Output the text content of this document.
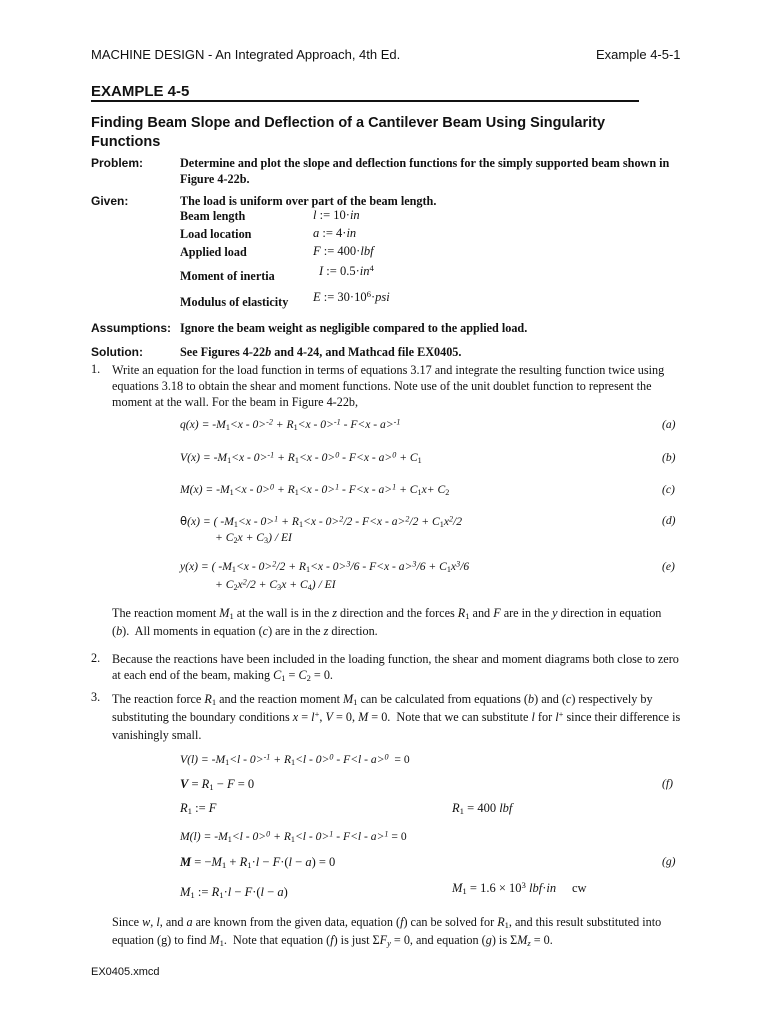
MACHINE DESIGN - An Integrated Approach, 4th Ed.	Example 4-5-1
EXAMPLE 4-5
Finding Beam Slope and Deflection of a Cantilever Beam Using Singularity Functions
Problem:	Determine and plot the slope and deflection functions for the simply supported beam shown in Figure 4-22b.
Given:	The load is uniform over part of the beam length.
Beam length	l := 10·in
Load location	a := 4·in
Applied load	F := 400·lbf
Moment of inertia	I := $0.5\cdot in^4$
Modulus of elasticity E := $30\cdot 10^6\cdot psi$
Assumptions: Ignore the beam weight as negligible compared to the applied load.
Solution:	See Figures 4-22b and 4-24, and Mathcad file EX0405.
1. Write an equation for the load function in terms of equations 3.17 and integrate the resulting function twice using equations 3.18 to obtain the shear and moment functions. Note use of the unit doublet function to represent the moment at the wall. For the beam in Figure 4-22b,
$q(x) = -M_1<x - 0>^{-2} + R_1<x - 0>^{-1} - F<x - a>^{-1}$	(a)
$V(x) = -M_1<x - 0>^{-1} + R_1<x - 0>^0 - F<x - a>^0 + C_1$	(b)
$M(x) = -M_1<x - 0>^0 + R_1<x - 0>^1 - F<x - a>^1 + C_1x+ C_2$	(c)
θ(x) = ( $-M_1<x - 0>^1 + R_1<x - 0>^2/2 - F<x - a>^2/2 + C_1x^2/2$
+ $C_2x + C_3$) / EI
(d)
y(x) = ( $-M_1<x - 0>^2/2 + R_1<x - 0>^3/6 - F<x - a>^3/6 + C_1x^3/6$
+ $C_2x^2/2 + C_3x + C_4$) / EI
(e)
The reaction moment $M_1$ at the wall is in the z direction and the forces $R_1$ and F are in the y direction in equation (b).  All moments in equation (c) are in the z direction.
2. Because the reactions have been included in the loading function, the shear and moment diagrams both close to zero at each end of the beam, making $C_1 = C_2 = 0$.
3. The reaction force $R_1$ and the reaction moment $M_1$ can be calculated from equations (b) and (c) respectively by substituting the boundary conditions x = l+, V = 0, M = 0.  Note that we can substitute l for l+ since their difference is vanishingly small.
$V(l) = -M_1<l - 0>^{-1} + R_1<l - 0>^0 - F<l - a>^0 = 0$
$V = R_1 - F = 0$	(f)
$R_1$ := F	$R_1 = 400$ lbf
$M(l) = -M_1<l - 0>^0 + R_1<l - 0>^1 - F<l - a>^1 = 0$
$M = -M_1 + R_1\cdot l - F\cdot(l - a) = 0$	(g)
$M_1$ := $R_1\cdot l - F\cdot(l - a)$	$M_1 = 1.6 \times 10^3$ lbf·in cw
Since w, l, and a are known from the given data, equation (f) can be solved for $R_1$, and this result substituted into equation (g) to find $M_1$.  Note that equation (f) is just $\Sigma F_y = 0$, and equation (g) is $\Sigma M_z = 0$.
EX0405.xmcd
